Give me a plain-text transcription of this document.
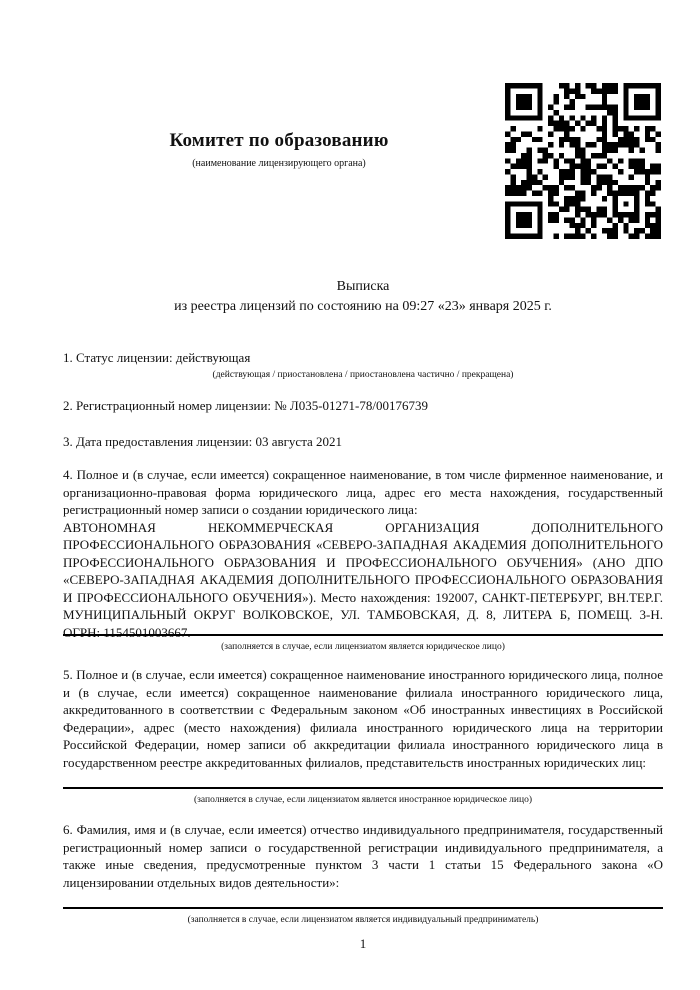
Комитет по образованию
(наименование лицензирующего органа)
Выписка
из реестра лицензий по состоянию на 09:27 «23» января 2025 г.

1. Статус лицензии: действующая

(действующая / приостановлена / приостановлена частично / прекращена)

2. Регистрационный номер лицензии: № Л035-01271-78/00176739

3. Дата предоставления лицензии: 03 августа 2021

4. Полное и (в случае, если имеется) сокращенное наименование, в том числе фирменное наименование, и организационно-правовая форма юридического лица, адрес его места нахождения, государственный регистрационный номер записи о создании юридического лица:

АВТОНОМНАЯ НЕКОММЕРЧЕСКАЯ ОРГАНИЗАЦИЯ ДОПОЛНИТЕЛЬНОГО ПРОФЕССИОНАЛЬНОГО ОБРАЗОВАНИЯ «СЕВЕРО-ЗАПАДНАЯ АКАДЕМИЯ ДОПОЛНИТЕЛЬНОГО ПРОФЕССИОНАЛЬНОГО ОБРАЗОВАНИЯ И ПРОФЕССИОНАЛЬНОГО ОБУЧЕНИЯ» (АНО ДПО «СЕВЕРО-ЗАПАДНАЯ АКАДЕМИЯ ДОПОЛНИТЕЛЬНОГО ПРОФЕССИОНАЛЬНОГО ОБРАЗОВАНИЯ И ПРОФЕССИОНАЛЬНОГО ОБУЧЕНИЯ»). Место нахождения: 192007, САНКТ-ПЕТЕРБУРГ, ВН.ТЕР.Г. МУНИЦИПАЛЬНЫЙ ОКРУГ ВОЛКОВСКОЕ, УЛ. ТАМБОВСКАЯ, Д. 8, ЛИТЕРА Б, ПОМЕЩ. 3-Н. ОГРН: 1154501003667.

(заполняется в случае, если лицензиатом является юридическое лицо)

5. Полное и (в случае, если имеется) сокращенное наименование иностранного юридического лица, полное и (в случае, если имеется) сокращенное наименование филиала иностранного юридического лица, аккредитованного в соответствии с Федеральным законом «Об иностранных инвестициях в Российской Федерации», адрес (место нахождения) филиала иностранного юридического лица на территории Российской Федерации, номер записи об аккредитации филиала иностранного юридического лица в государственном реестре аккредитованных филиалов, представительств иностранных юридических лиц:

(заполняется в случае, если лицензиатом является иностранное юридическое лицо)

6. Фамилия, имя и (в случае, если имеется) отчество индивидуального предпринимателя, государственный регистрационный номер записи о государственной регистрации индивидуального предпринимателя, а также иные сведения, предусмотренные пунктом 3 части 1 статьи 15 Федерального закона «О лицензировании отдельных видов деятельности»:

(заполняется в случае, если лицензиатом является индивидуальный предприниматель)

1
